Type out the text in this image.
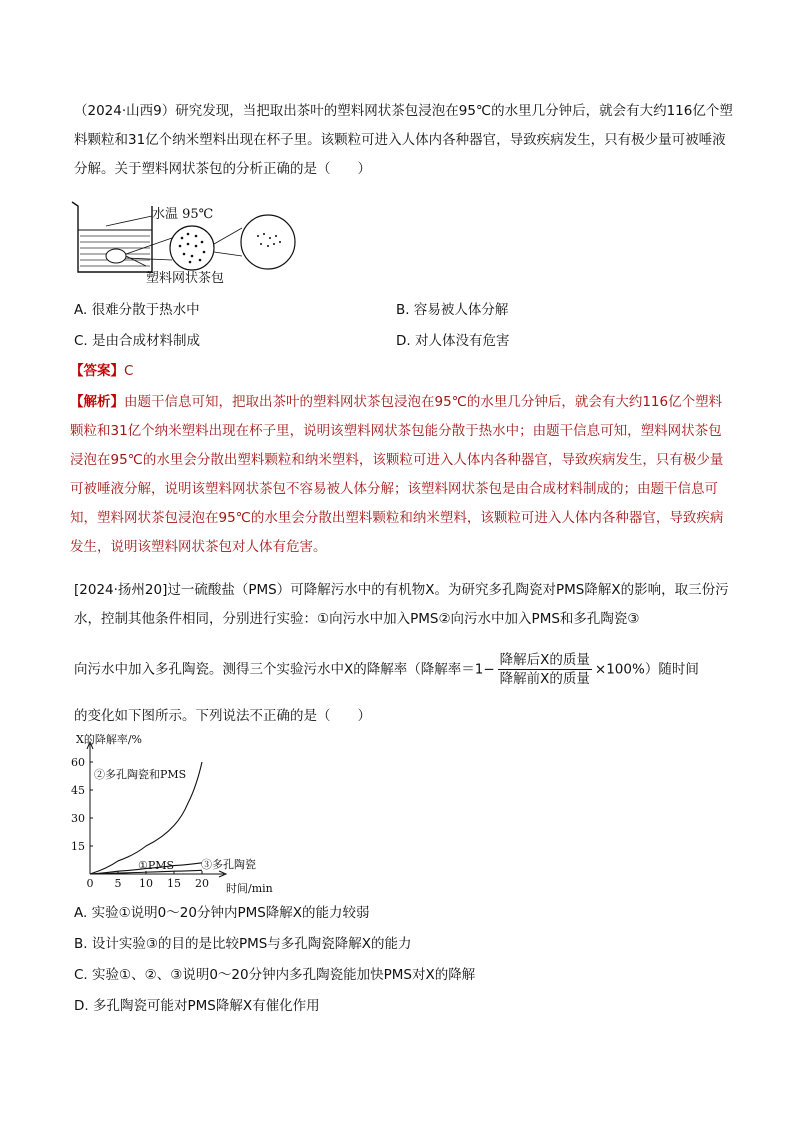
（2024·山西9）研究发现，当把取出茶叶的塑料网状茶包浸泡在95℃的水里几分钟后，就会有大约116亿个塑料颗粒和31亿个纳米塑料出现在杯子里。该颗粒可进入人体内各种器官，导致疾病发生，只有极少量可被唾液分解。关于塑料网状茶包的分析正确的是（　　）

水温 95℃
塑料网状茶包
A. 很难分散于热水中	B. 容易被人体分解
C. 是由合成材料制成	D. 对人体没有危害
【答案】C

【解析】由题干信息可知，把取出茶叶的塑料网状茶包浸泡在95℃的水里几分钟后，就会有大约116亿个塑料颗粒和31亿个纳米塑料出现在杯子里，说明该塑料网状茶包能分散于热水中；由题干信息可知，塑料网状茶包浸泡在95℃的水里会分散出塑料颗粒和纳米塑料，该颗粒可进入人体内各种器官，导致疾病发生，只有极少量可被唾液分解，说明该塑料网状茶包不容易被人体分解；该塑料网状茶包是由合成材料制成的；由题干信息可知，塑料网状茶包浸泡在95℃的水里会分散出塑料颗粒和纳米塑料，该颗粒可进入人体内各种器官，导致疾病发生，说明该塑料网状茶包对人体有危害。

[2024·扬州20]过一硫酸盐（PMS）可降解污水中的有机物X。为研究多孔陶瓷对PMS降解X的影响，取三份污水，控制其他条件相同，分别进行实验：①向污水中加入PMS②向污水中加入PMS和多孔陶瓷③

向污水中加入多孔陶瓷。测得三个实验污水中X的降解率（降解率$=1- \frac{\text{降解后X的质量}}{\text{降解前X的质量}} \times 100\%$）随时间

的变化如下图所示。下列说法不正确的是（　　）

0 5 10 15 20
15
30
45
60
X的降解率/%
时间/min
②多孔陶瓷和PMS
①PMS ③多孔陶瓷
A. 实验①说明0～20分钟内PMS降解X的能力较弱
B. 设计实验③的目的是比较PMS与多孔陶瓷降解X的能力
C. 实验①、②、③说明0～20分钟内多孔陶瓷能加快PMS对X的降解
D. 多孔陶瓷可能对PMS降解X有催化作用
